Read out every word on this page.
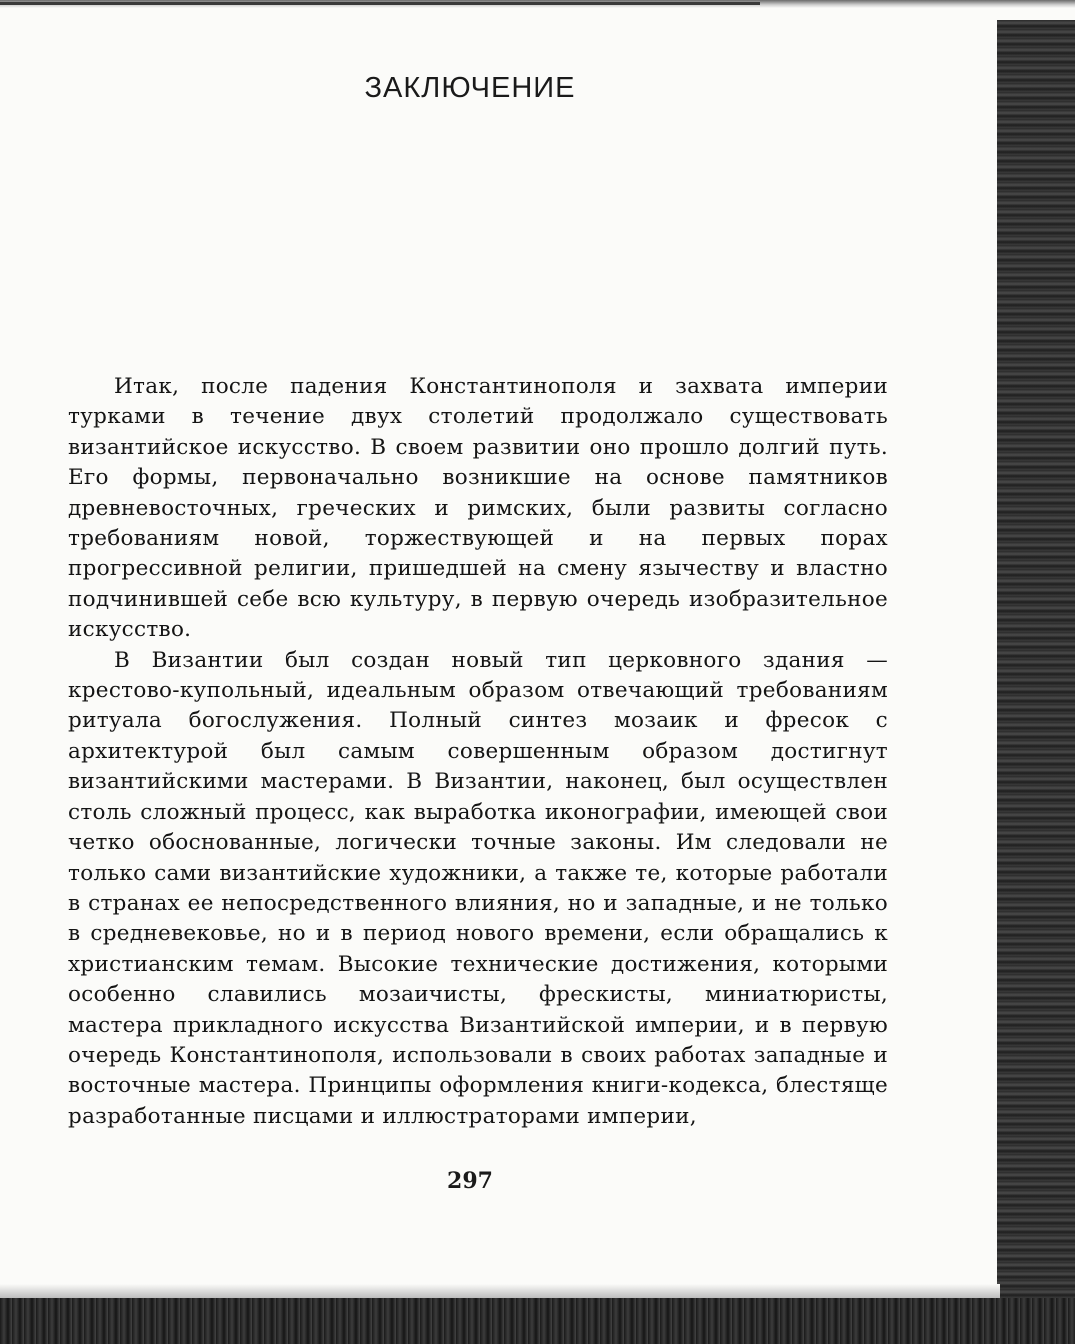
ЗАКЛЮЧЕНИЕ

Итак, после падения Константинополя и захвата империи турками в течение двух столетий продолжало существовать византийское искусство. В своем развитии оно прошло долгий путь. Его формы, первоначально возникшие на основе памятников древневосточных, греческих и римских, были развиты согласно требованиям новой, торжествующей и на первых порах прогрессивной религии, пришедшей на смену язычеству и властно подчинившей себе всю культуру, в первую очередь изобразительное искусство.

В Византии был создан новый тип церковного здания — крестово-купольный, идеальным образом отвечающий требованиям ритуала богослужения. Полный синтез мозаик и фресок с архитектурой был самым совершенным образом достигнут византийскими мастерами. В Византии, наконец, был осуществлен столь сложный процесс, как выработка иконографии, имеющей свои четко обоснованные, логически точные законы. Им следовали не только сами византийские художники, а также те, которые работали в странах ее непосредственного влияния, но и западные, и не только в средневековье, но и в период нового времени, если обращались к христианским темам. Высокие технические достижения, которыми особенно славились мозаичисты, фрескисты, миниатюристы, мастера прикладного искусства Византийской империи, и в первую очередь Константинополя, использовали в своих работах западные и восточные мастера. Принципы оформления книги-кодекса, блестяще разработанные писцами и иллюстраторами империи,

297
